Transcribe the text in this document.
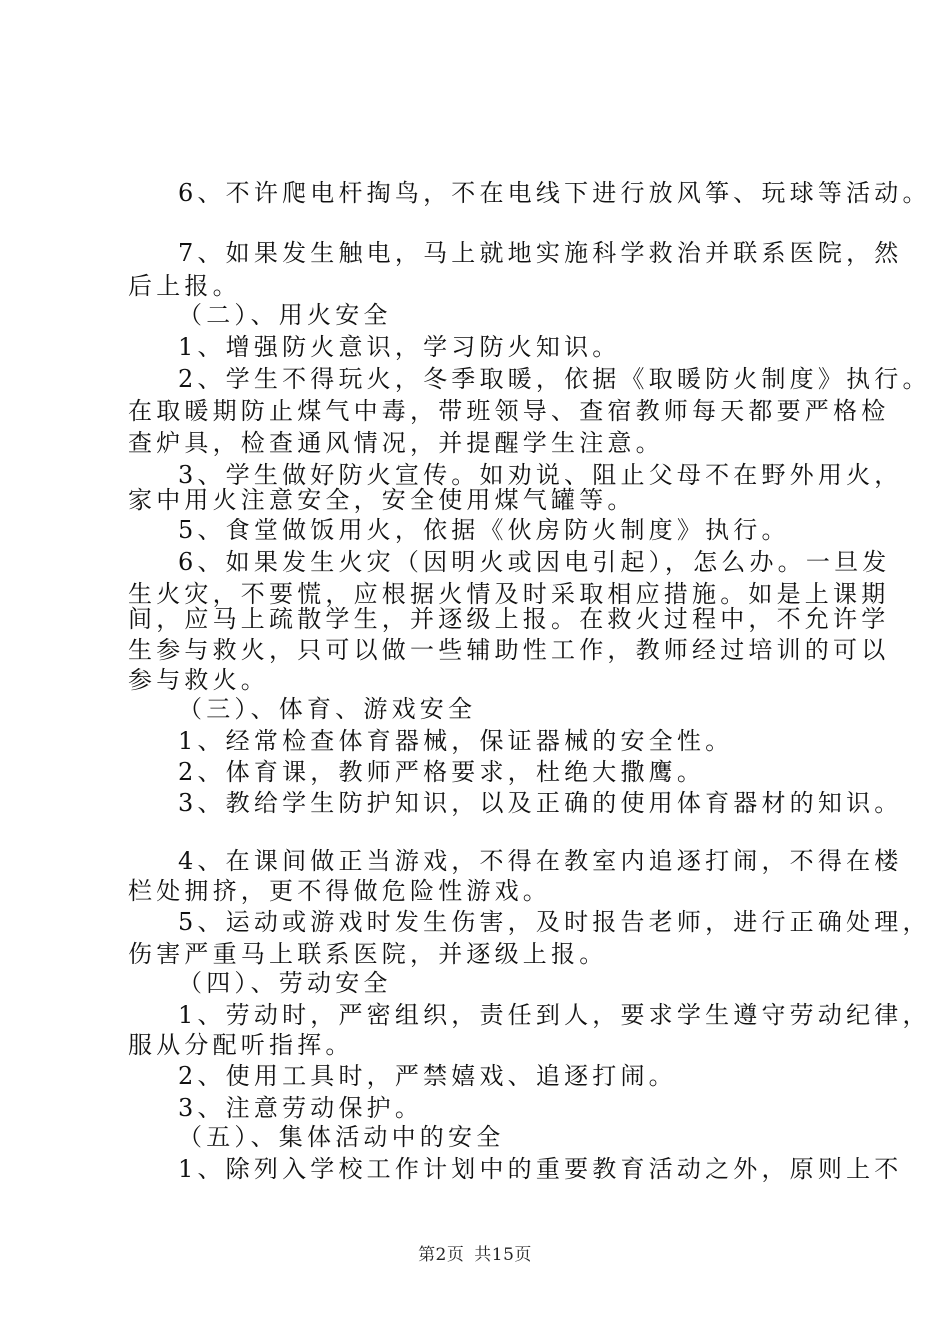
6、不许爬电杆掏鸟，不在电线下进行放风筝、玩球等活动。
7、如果发生触电，马上就地实施科学救治并联系医院，然
后上报。
（二）、用火安全
1、增强防火意识，学习防火知识。
2、学生不得玩火，冬季取暖，依据《取暖防火制度》执行。
在取暖期防止煤气中毒，带班领导、查宿教师每天都要严格检
查炉具，检查通风情况，并提醒学生注意。
3、学生做好防火宣传。如劝说、阻止父母不在野外用火，
家中用火注意安全，安全使用煤气罐等。
5、食堂做饭用火，依据《伙房防火制度》执行。
6、如果发生火灾（因明火或因电引起），怎么办。一旦发
生火灾，不要慌，应根据火情及时采取相应措施。如是上课期
间，应马上疏散学生，并逐级上报。在救火过程中，不允许学
生参与救火，只可以做一些辅助性工作，教师经过培训的可以
参与救火。
（三）、体育、游戏安全
1、经常检查体育器械，保证器械的安全性。
2、体育课，教师严格要求，杜绝大撒鹰。
3、教给学生防护知识，以及正确的使用体育器材的知识。
4、在课间做正当游戏，不得在教室内追逐打闹，不得在楼
栏处拥挤，更不得做危险性游戏。
5、运动或游戏时发生伤害，及时报告老师，进行正确处理，
伤害严重马上联系医院，并逐级上报。
（四）、劳动安全
1、劳动时，严密组织，责任到人，要求学生遵守劳动纪律，
服从分配听指挥。
2、使用工具时，严禁嬉戏、追逐打闹。
3、注意劳动保护。
（五）、集体活动中的安全
1、除列入学校工作计划中的重要教育活动之外，原则上不
第2页 共15页
